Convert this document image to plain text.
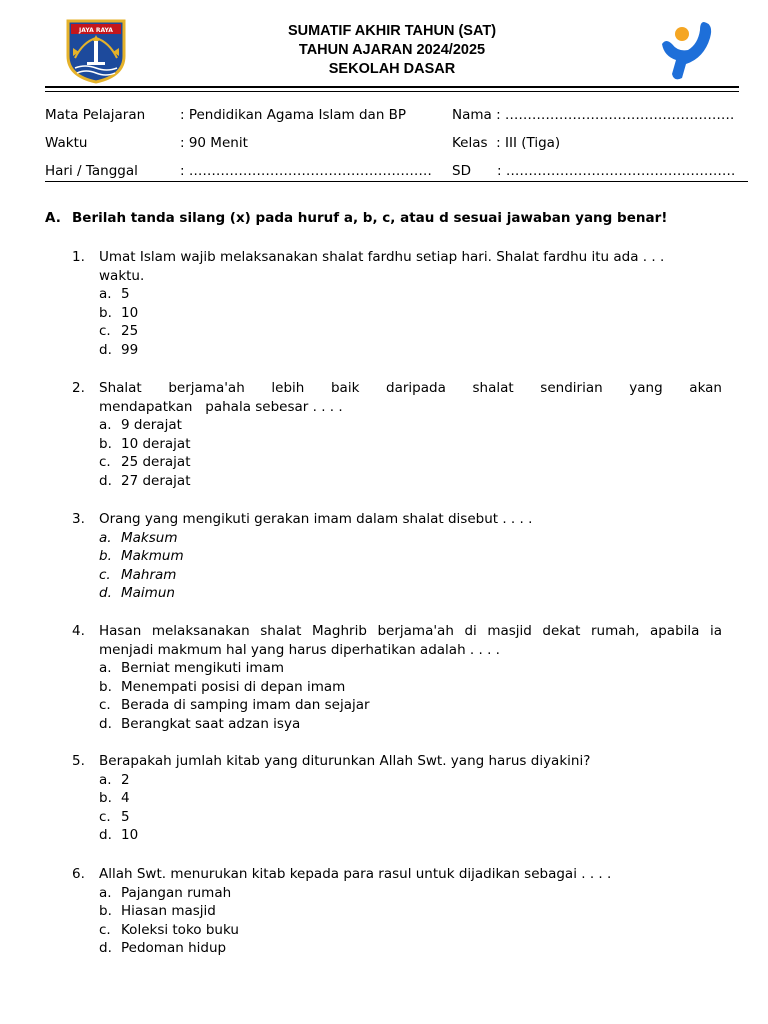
JAYA RAYA	SUMATIF AKHIR TAHUN (SAT)
TAHUN AJARAN 2024/2025
SEKOLAH DASAR
Mata Pelajaran	: Pendidikan Agama Islam dan BP	Nama : ……………………………………………
Waktu	: 90 Menit	Kelas : III (Tiga)
Hari / Tanggal	: ……………………………………………… SD : ……………………………………………
A. Berilah tanda silang (x) pada huruf a, b, c, atau d sesuai jawaban yang benar!
1. Umat Islam wajib melaksanakan shalat fardhu setiap hari. Shalat fardhu itu ada . . .
waktu.
a. 5
b. 10
c. 25
d. 99
2. Shalat berjama'ah lebih baik daripada shalat sendirian yang akan
mendapatkan   pahala sebesar . . . .
a. 9 derajat
b. 10 derajat
c. 25 derajat
d. 27 derajat
3. Orang yang mengikuti gerakan imam dalam shalat disebut . . . .
a. Maksum
b. Makmum
c. Mahram
d. Maimun
4. Hasan melaksanakan shalat Maghrib berjama'ah di masjid dekat rumah, apabila ia
menjadi makmum hal yang harus diperhatikan adalah . . . .
a. Berniat mengikuti imam
b. Menempati posisi di depan imam
c. Berada di samping imam dan sejajar
d. Berangkat saat adzan isya
5. Berapakah jumlah kitab yang diturunkan Allah Swt. yang harus diyakini?
a. 2
b. 4
c. 5
d. 10
6. Allah Swt. menurukan kitab kepada para rasul untuk dijadikan sebagai . . . .
a. Pajangan rumah
b. Hiasan masjid
c. Koleksi toko buku
d. Pedoman hidup
